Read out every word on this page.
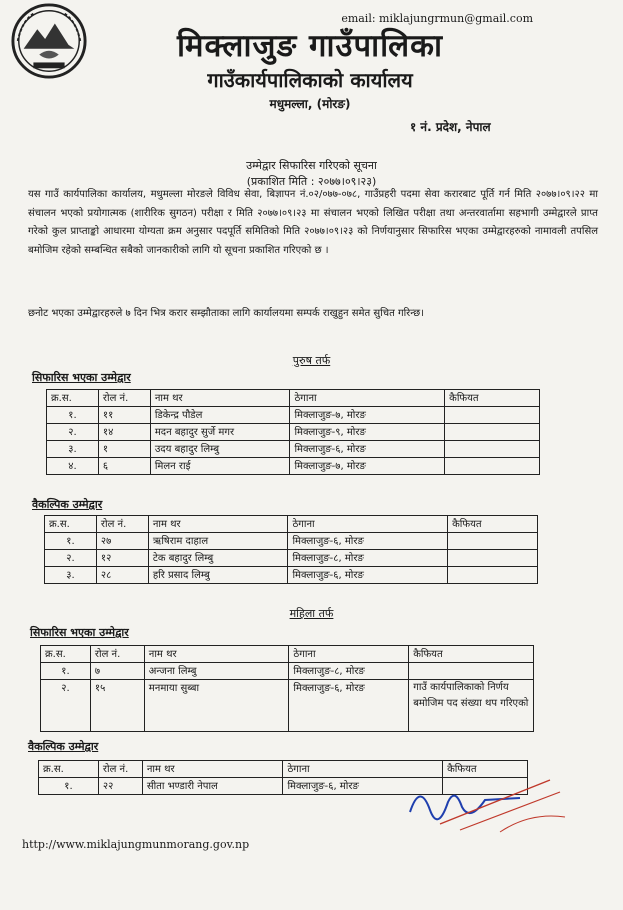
email: miklajungrmun@gmail.com
मिक्लाजुङ गाउँपालिका
गाउँकार्यपालिकाको कार्यालय
मधुमल्ला, (मोरङ)
१ नं. प्रदेश, नेपाल
उम्मेद्वार सिफारिस गरिएको सूचना
(प्रकाशित मिति : २०७७।०९।२३)

यस गाउँ कार्यपालिका कार्यालय, मधुमल्ला मोरङले विविध सेवा, बिज्ञापन नं.०२/०७७-०७८, गाउँप्रहरी पदमा सेवा करारबाट पूर्ति गर्न मिति २०७७।०९।२२ मा संचालन भएको प्रयोगात्मक (शारीरिक सुगठन) परीक्षा र मिति २०७७।०९।२३ मा संचालन भएको लिखित परीक्षा तथा अन्तरवार्तामा सहभागी उम्मेद्वारले प्राप्त गरेको कुल प्राप्ताङ्को आधारमा योग्यता क्रम अनुसार पदपूर्ति समितिको मिति २०७७।०९।२३ को निर्णयानुसार सिफारिस भएका उम्मेद्वारहरुको नामावली तपसिल बमोजिम रहेको सम्बन्धित सबैको जानकारीको लागि यो सूचना प्रकाशित गरिएको छ ।

छनोट भएका उम्मेद्वारहरुले ७ दिन भित्र करार सम्झौताका लागि कार्यालयमा सम्पर्क राखुहुन समेत सुचित गरिन्छ।

पुरुष तर्फ
सिफारिस भएका उम्मेद्वार
क्र.स.	रोल नं.	नाम थर	ठेगाना	कैफियत
१.	११	डिकेन्द्र पौडेल	मिक्लाजुङ-७, मोरङ	
२.	१४	मदन बहादुर सुर्जे मगर	मिक्लाजुङ-९, मोरङ	
३.	१	उदय बहादुर लिम्बु	मिक्लाजुङ-६, मोरङ	
४.	६	मिलन राई	मिक्लाजुङ-७, मोरङ	
वैकल्पिक उम्मेद्वार
क्र.स.	रोल नं.	नाम थर	ठेगाना	कैफियत
१.	२७	ऋषिराम दाहाल	मिक्लाजुङ-६, मोरङ	
२.	१२	टेक बहादुर लिम्बु	मिक्लाजुङ-८, मोरङ	
३.	२८	हरि प्रसाद लिम्बु	मिक्लाजुङ-६, मोरङ	
महिला तर्फ
सिफारिस भएका उम्मेद्वार
क्र.स.	रोल नं.	नाम थर	ठेगाना	कैफियत
१.	७	अन्जना लिम्बु	मिक्लाजुङ-८, मोरङ	
२.	१५	मनमाया सुब्बा	मिक्लाजुङ-६, मोरङ	गाउँ कार्यपालिकाको निर्णय बमोजिम पद संख्या थप गरिएको
वैकल्पिक उम्मेद्वार
क्र.स.	रोल नं.	नाम थर	ठेगाना	कैफियत
१.	२२	सीता भण्डारी नेपाल	मिक्लाजुङ-६, मोरङ	
http://www.miklajungmunmorang.gov.np
